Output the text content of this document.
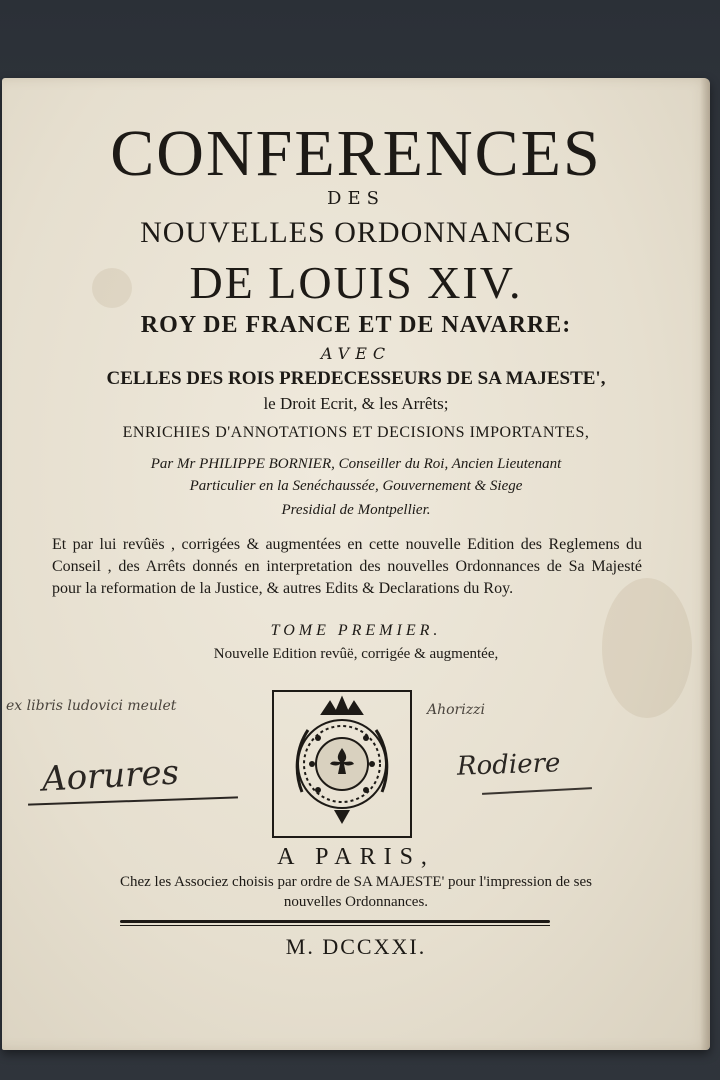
CONFERENCES
DES
NOUVELLES ORDONNANCES
DE LOUIS XIV.
ROY DE FRANCE ET DE NAVARRE:
AVEC
CELLES DES ROIS PREDECESSEURS DE SA MAJESTE',
le Droit Ecrit, & les Arrêts;
ENRICHIES D'ANNOTATIONS ET DECISIONS IMPORTANTES,
Par Mr PHILIPPE BORNIER, Conseiller du Roi, Ancien Lieutenant
Particulier en la Senéchaussée, Gouvernement & Siege
Presidial de Montpellier.
Et par lui revûës , corrigées & augmentées en cette nouvelle Edition des Reglemens du Conseil , des Arrêts donnés en interpretation des nouvelles Ordonnances de Sa Majesté pour la reformation de la Justice, & autres Edits & Declarations du Roy.
TOME PREMIER.
Nouvelle Edition revûë, corrigée & augmentée,
ex libris ludovici meulet
Aorures
Ahorizzi
Rodiere
A PARIS,
Chez les Associez choisis par ordre de SA MAJESTE' pour l'impression de ses
nouvelles Ordonnances.
M. DCCXXI.
